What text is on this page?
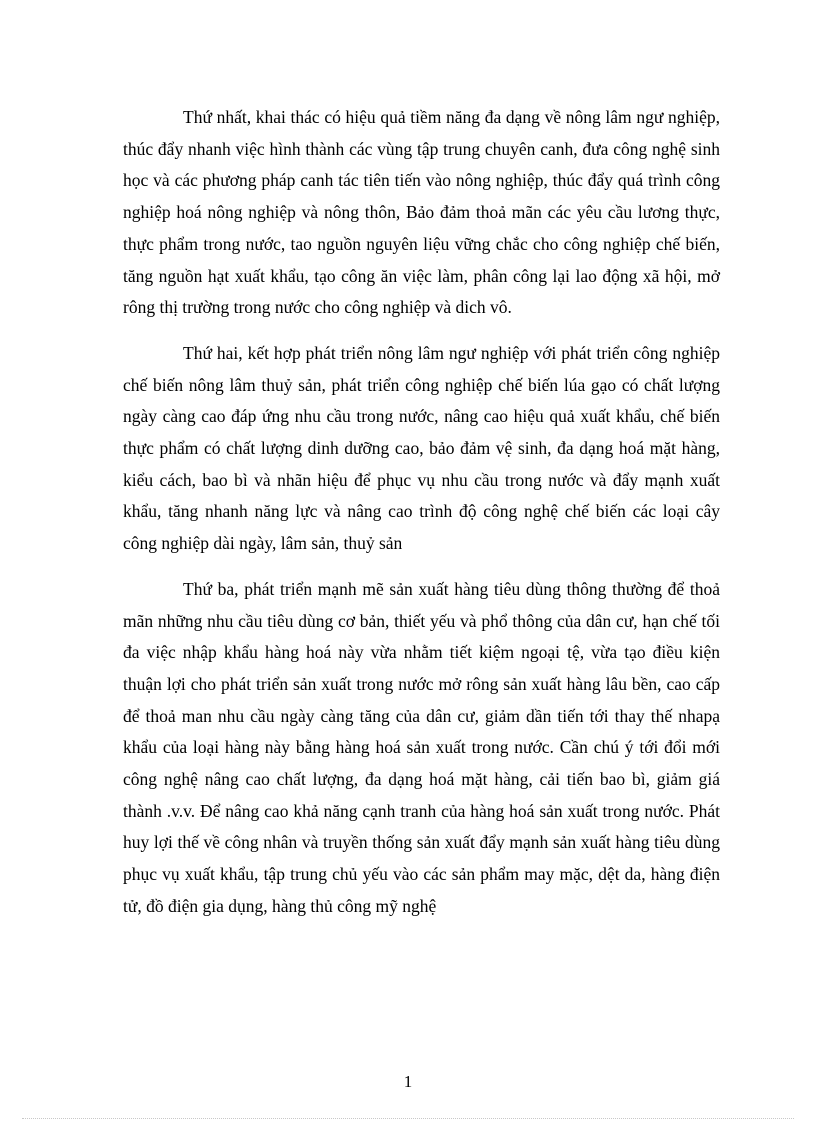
Thứ nhất, khai thác có hiệu quả tiềm năng đa dạng về nông lâm ngư nghiệp, thúc đẩy nhanh việc hình thành các vùng tập trung chuyên canh, đưa công nghệ sinh học và các phương pháp canh tác tiên tiến vào nông nghiệp, thúc đẩy quá trình công nghiệp hoá nông nghiệp và nông thôn, Bảo đảm thoả mãn các yêu cầu lương thực, thực phẩm trong nước, tao nguồn nguyên liệu vững chắc cho công nghiệp chế biến, tăng nguồn hạt xuất khẩu, tạo công ăn việc làm, phân công lại lao động xã hội, mở rông thị trường trong nước cho công nghiệp và dich vô.

Thứ hai, kết hợp phát triển nông lâm ngư nghiệp với phát triển công nghiệp chế biến nông lâm thuỷ sản, phát triển công nghiệp chế biến lúa gạo có chất lượng ngày càng cao đáp ứng nhu cầu trong nước, nâng cao hiệu quả xuất khẩu, chế biến thực phẩm có chất lượng dinh dưỡng cao, bảo đảm vệ sinh, đa dạng hoá mặt hàng, kiểu cách, bao bì và nhãn hiệu để phục vụ nhu cầu trong nước và đẩy mạnh xuất khẩu, tăng nhanh năng lực và nâng cao trình độ công nghệ chế biến các loại cây công nghiệp dài ngày, lâm sản, thuỷ sản

Thứ ba, phát triển mạnh mẽ sản xuất hàng tiêu dùng thông thường để thoả mãn những nhu cầu tiêu dùng cơ bản, thiết yếu và phổ thông của dân cư, hạn chế tối đa việc nhập khẩu hàng hoá này vừa nhằm tiết kiệm ngoại tệ, vừa tạo điều kiện thuận lợi cho phát triển sản xuất trong nước mở rông sản xuất hàng lâu bền, cao cấp để thoả man nhu cầu ngày càng tăng của dân cư, giảm dần tiến tới thay thế nhapạ khẩu của loại hàng này bằng hàng hoá sản xuất trong nước. Cần chú ý tới đổi mới công nghệ nâng cao chất lượng, đa dạng hoá mặt hàng, cải tiến bao bì, giảm giá thành .v.v. Để nâng cao khả năng cạnh tranh của hàng hoá sản xuất trong nước. Phát huy lợi thế về công nhân và truyền thống sản xuất đẩy mạnh sản xuất hàng tiêu dùng phục vụ xuất khẩu, tập trung chủ yếu vào các sản phẩm may mặc, dệt da, hàng điện tử, đồ điện gia dụng, hàng thủ công mỹ nghệ

1
